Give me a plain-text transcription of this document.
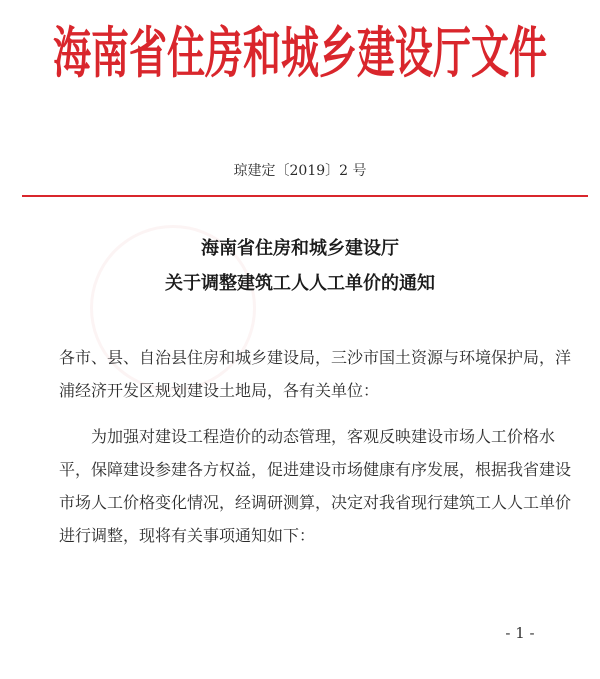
海南省住房和城乡建设厅文件
琼建定〔2019〕2 号
海南省住房和城乡建设厅
关于调整建筑工人人工单价的通知
各市、县、自治县住房和城乡建设局，三沙市国土资源与环境保护局，洋浦经济开发区规划建设土地局，各有关单位：
为加强对建设工程造价的动态管理，客观反映建设市场人工价格水平，保障建设参建各方权益，促进建设市场健康有序发展，根据我省建设市场人工价格变化情况，经调研测算，决定对我省现行建筑工人人工单价进行调整，现将有关事项通知如下：
- 1 -
